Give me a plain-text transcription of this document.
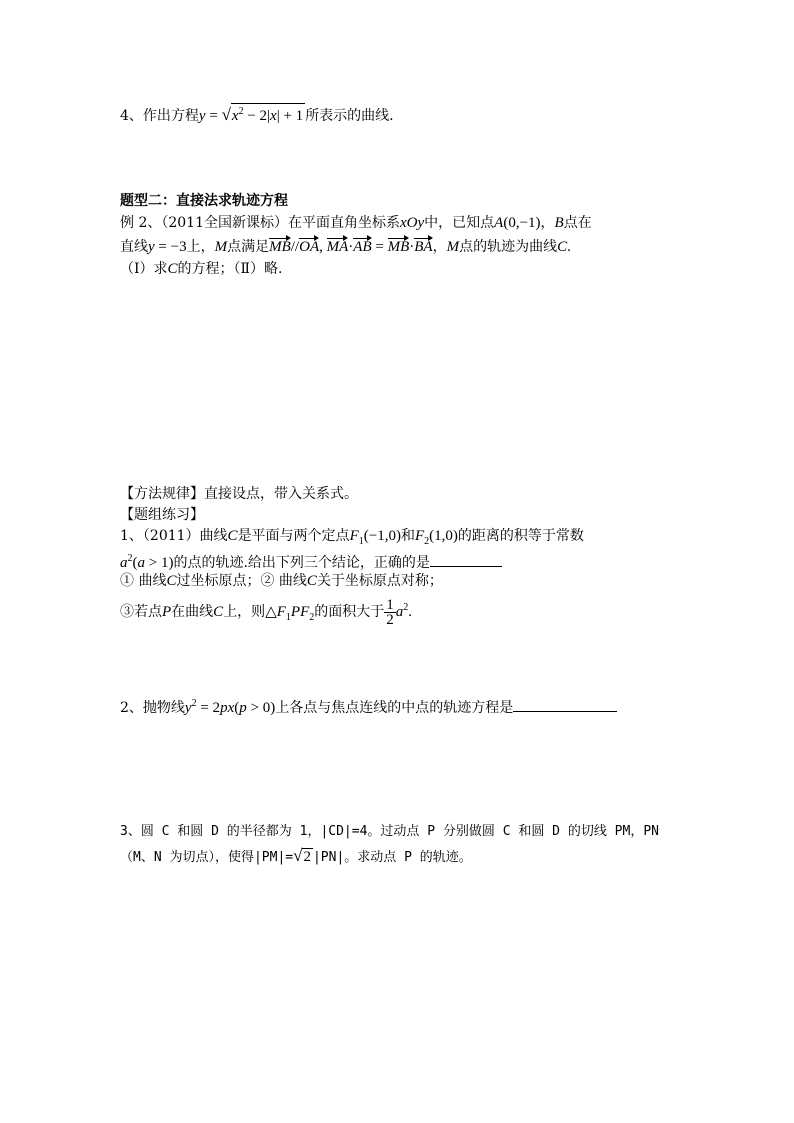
4、作出方程$y = √x^2 - 2|x| + 1$ 所表示的曲线.
题型二：直接法求轨迹方程
例 2、（2011全国新课标）在平面直角坐标系xOy中，已知点A(0,−1)，B点在
直线y = −3上，M点满足MB//OA, MA·AB = MB·BA，M点的轨迹为曲线C.
（Ⅰ）求C的方程；（Ⅱ）略.
【方法规律】直接设点，带入关系式。
【题组练习】
1、（2011）曲线C是平面与两个定点$F_1(-1,0)$和$F_2(1,0)$的距离的积等于常数
$a^2(a > 1)$的点的轨迹.给出下列三个结论，正确的是
① 曲线C过坐标原点；② 曲线C关于坐标原点对称；
③若点P在曲线C上，则$\triangle F_1PF_2$的面积大于 $\frac{1}{2} a^2$.
2、抛物线$y^2 = 2px(p > 0)$上各点与焦点连线的中点的轨迹方程是
3、圆 C 和圆 D 的半径都为 1，|CD|=4。过动点 P 分别做圆 C 和圆 D 的切线 PM，PN
（M、N 为切点），使得|PM|=√2 |PN|。求动点 P 的轨迹。
